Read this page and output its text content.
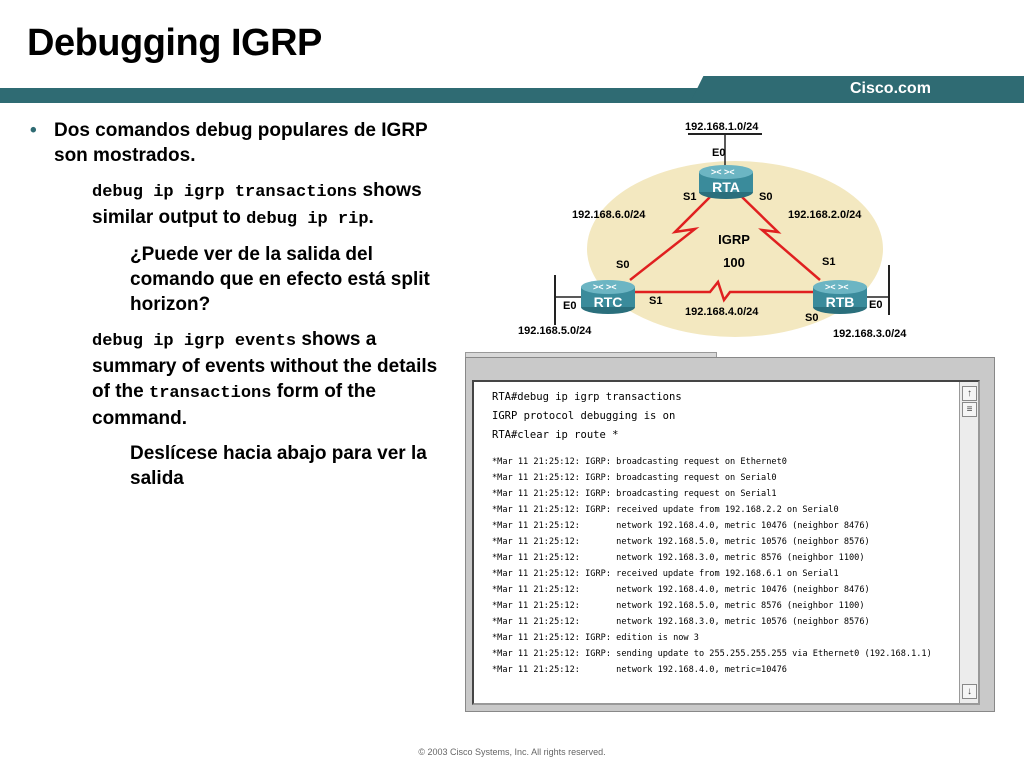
Debugging IGRP
Cisco.com
• Dos comandos debug populares de IGRP son mostrados.
debug ip igrp transactions shows similar output to debug ip rip.
¿Puede ver de la salida del comando que en efecto está split horizon?
debug ip igrp events shows a summary of events without the details of the transactions form of the command.
Deslícese hacia abajo para ver la salida
>< ><
>< ><	>< ><
RTA
RTC	RTB
IGRP
100
192.168.1.0/24
192.168.2.0/24
192.168.3.0/24
192.168.4.0/24
192.168.5.0/24
192.168.6.0/24
E0
S1	S0
S0
E0	S1
S1
E0
S0
RTA#debug ip igrp transactions
IGRP protocol debugging is on
RTA#clear ip route *
*Mar 11 21:25:12: IGRP: broadcasting request on Ethernet0
*Mar 11 21:25:12: IGRP: broadcasting request on Serial0
*Mar 11 21:25:12: IGRP: broadcasting request on Serial1
*Mar 11 21:25:12: IGRP: received update from 192.168.2.2 on Serial0
*Mar 11 21:25:12:       network 192.168.4.0, metric 10476 (neighbor 8476)
*Mar 11 21:25:12:       network 192.168.5.0, metric 10576 (neighbor 8576)
*Mar 11 21:25:12:       network 192.168.3.0, metric 8576 (neighbor 1100)
*Mar 11 21:25:12: IGRP: received update from 192.168.6.1 on Serial1
*Mar 11 21:25:12:       network 192.168.4.0, metric 10476 (neighbor 8476)
*Mar 11 21:25:12:       network 192.168.5.0, metric 8576 (neighbor 1100)
*Mar 11 21:25:12:       network 192.168.3.0, metric 10576 (neighbor 8576)
*Mar 11 21:25:12: IGRP: edition is now 3
*Mar 11 21:25:12: IGRP: sending update to 255.255.255.255 via Ethernet0 (192.168.1.1)
*Mar 11 21:25:12:       network 192.168.4.0, metric=10476
↑
≡
↓
© 2003 Cisco Systems, Inc. All rights reserved.
